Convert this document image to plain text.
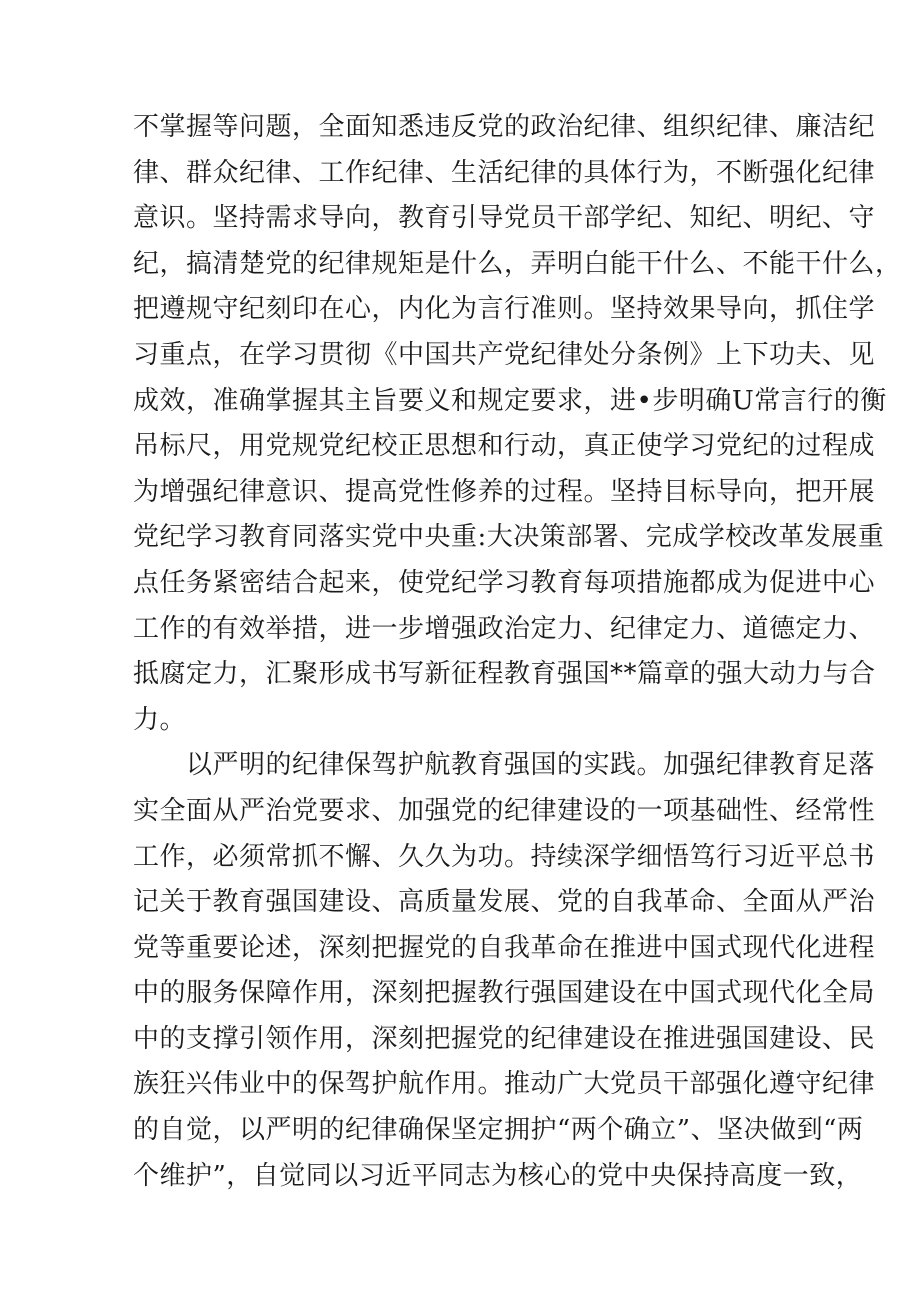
不掌握等问题，全面知悉违反党的政治纪律、组织纪律、廉洁纪
律、群众纪律、工作纪律、生活纪律的具体行为，不断强化纪律
意识。坚持需求导向，教育引导党员干部学纪、知纪、明纪、守
纪，搞清楚党的纪律规矩是什么，弄明白能干什么、不能干什么，
把遵规守纪刻印在心，内化为言行准则。坚持效果导向，抓住学
习重点，在学习贯彻《中国共产党纪律处分条例》上下功夫、见
成效，准确掌握其主旨要义和规定要求，进•步明确U常言行的衡
吊标尺，用党规党纪校正思想和行动，真正使学习党纪的过程成
为增强纪律意识、提高党性修养的过程。坚持目标导向，把开展
党纪学习教育同落实党中央重:大决策部署、完成学校改革发展重
点任务紧密结合起来，使党纪学习教育每项措施都成为促进中心
工作的有效举措，进一步增强政治定力、纪律定力、道德定力、
抵腐定力，汇聚形成书写新征程教育强国**篇章的强大动力与合
力。
　　以严明的纪律保驾护航教育强国的实践。加强纪律教育足落
实全面从严治党要求、加强党的纪律建设的一项基础性、经常性
工作，必须常抓不懈、久久为功。持续深学细悟笃行习近平总书
记关于教育强国建设、高质量发展、党的自我革命、全面从严治
党等重要论述，深刻把握党的自我革命在推进中国式现代化进程
中的服务保障作用，深刻把握教行强国建设在中国式现代化全局
中的支撑引领作用，深刻把握党的纪律建设在推进强国建设、民
族狂兴伟业中的保驾护航作用。推动广大党员干部强化遵守纪律
的自觉，以严明的纪律确保坚定拥护“两个确立”、坚决做到“两
个维护”，自觉同以习近平同志为核心的党中央保持高度一致，
